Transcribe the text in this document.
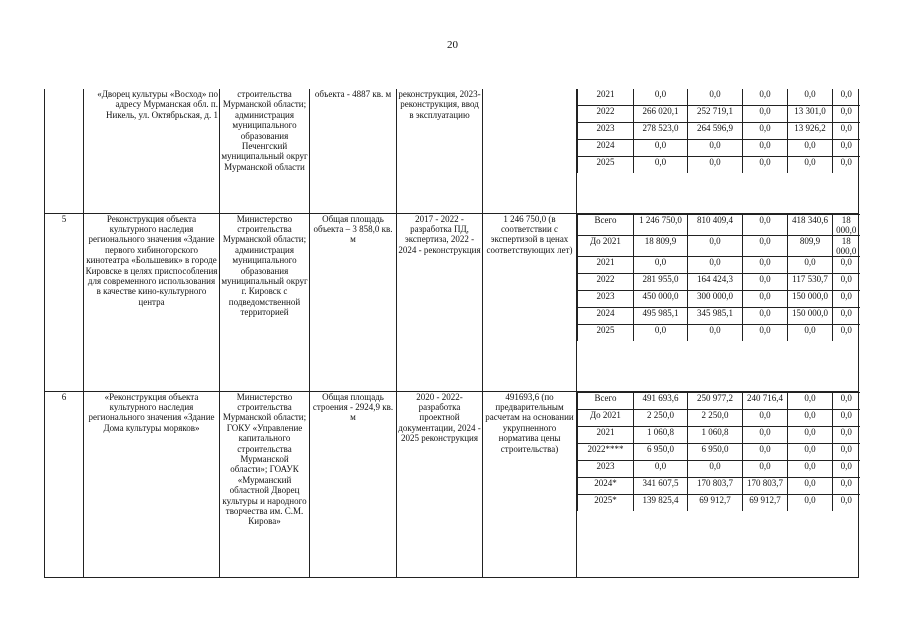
20
	«Дворец культуры «Восход» по адресу Мурманская обл. п. Никель, ул. Октябрьская, д. 1	строительства Мурманской области; администрация муниципального образования Печенгский муниципальный округ Мурманской области	объекта - 4887 кв. м	реконструкция, 2023- реконструкция, ввод в эксплуатацию		
2021	0,0	0,0	0,0	0,0	0,0
2022	266 020,1	252 719,1	0,0	13 301,0	0,0
2023	278 523,0	264 596,9	0,0	13 926,2	0,0
2024	0,0	0,0	0,0	0,0	0,0
2025	0,0	0,0	0,0	0,0	0,0

5	Реконструкция объекта культурного наследия регионального значения «Здание первого хибиногорского кинотеатра «Большевик» в городе Кировске в целях приспособления для современного использования в качестве кино-культурного центра	Министерство строительства Мурманской области; администрация муниципального образования муниципальный округ г. Кировск с подведомственной территорией	Общая площадь объекта – 3 858,0 кв. м	2017 - 2022 - разработка ПД, экспертиза, 2022 - 2024 - реконструкция	1 246 750,0 (в соответствии с экспертизой в ценах соответствующих лет)	
Всего	1 246 750,0	810 409,4	0,0	418 340,6	18 000,0
До 2021	18 809,9	0,0	0,0	809,9	18 000,0
2021	0,0	0,0	0,0	0,0	0,0
2022	281 955,0	164 424,3	0,0	117 530,7	0,0
2023	450 000,0	300 000,0	0,0	150 000,0	0,0
2024	495 985,1	345 985,1	0,0	150 000,0	0,0
2025	0,0	0,0	0,0	0,0	0,0

6	«Реконструкция объекта культурного наследия регионального значения «Здание Дома культуры моряков»	Министерство строительства Мурманской области; ГОКУ «Управление капитального строительства Мурманской области»; ГОАУК «Мурманский областной Дворец культуры и народного творчества им. С.М. Кирова»	Общая площадь строения - 2924,9 кв. м	2020 - 2022- разработка проектной документации, 2024 - 2025 реконструкция	491693,6 (по предварительным расчетам на основании укрупненного норматива цены строительства)	
Всего	491 693,6	250 977,2	240 716,4	0,0	0,0
До 2021	2 250,0	2 250,0	0,0	0,0	0,0
2021	1 060,8	1 060,8	0,0	0,0	0,0
2022****	6 950,0	6 950,0	0,0	0,0	0,0
2023	0,0	0,0	0,0	0,0	0,0
2024*	341 607,5	170 803,7	170 803,7	0,0	0,0
2025*	139 825,4	69 912,7	69 912,7	0,0	0,0
